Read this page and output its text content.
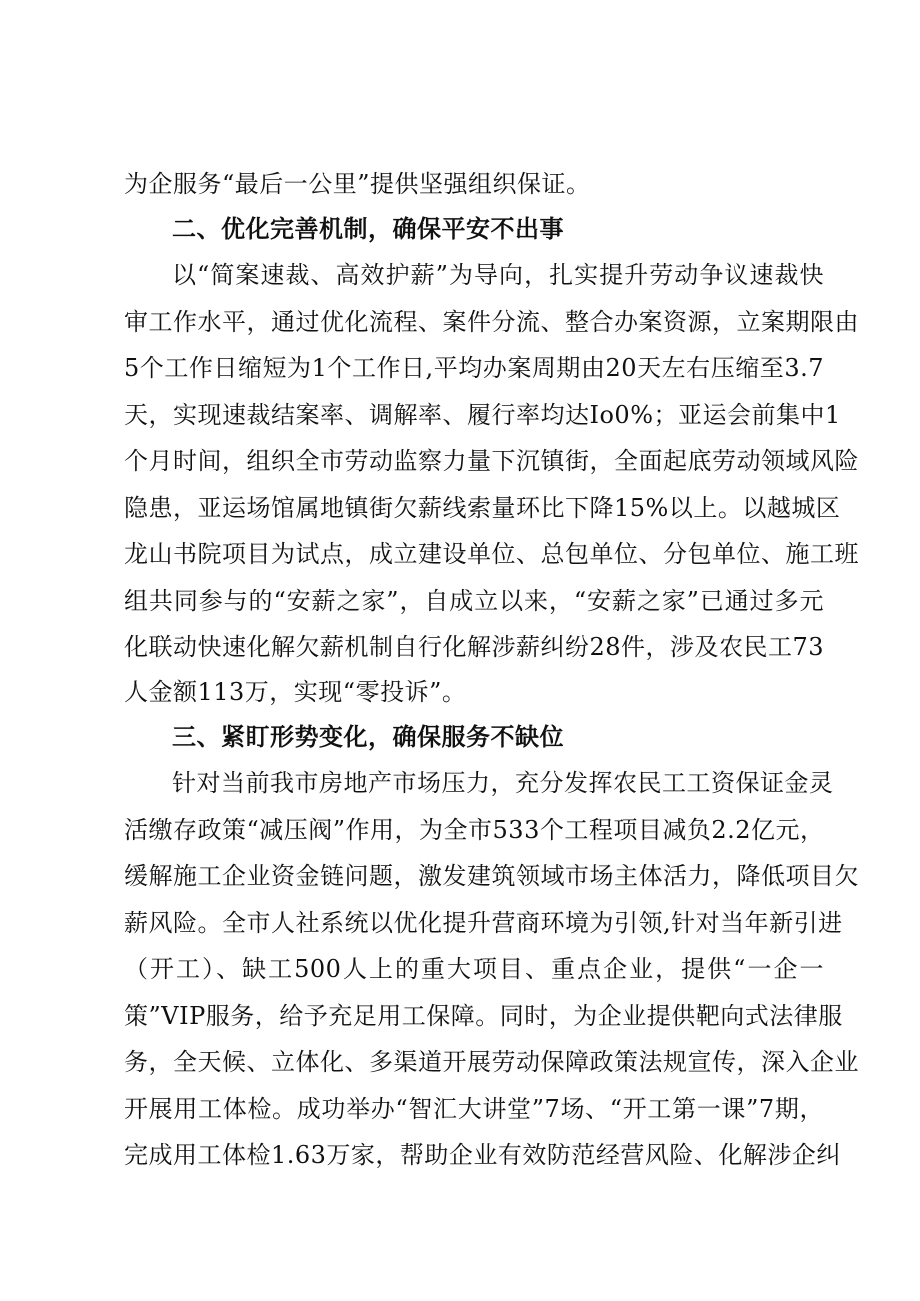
为企服务“最后一公里”提供坚强组织保证。
二、优化完善机制，确保平安不出事
以“简案速裁、高效护薪”为导向，扎实提升劳动争议速裁快
审工作水平，通过优化流程、案件分流、整合办案资源，立案期限由
5个工作日缩短为1个工作日,平均办案周期由20天左右压缩至3.7
天，实现速裁结案率、调解率、履行率均达Io0%；亚运会前集中1
个月时间，组织全市劳动监察力量下沉镇街，全面起底劳动领域风险
隐患，亚运场馆属地镇街欠薪线索量环比下降15%以上。以越城区
龙山书院项目为试点，成立建设单位、总包单位、分包单位、施工班
组共同参与的“安薪之家”，自成立以来，“安薪之家”已通过多元
化联动快速化解欠薪机制自行化解涉薪纠纷28件，涉及农民工73
人金额113万，实现“零投诉”。
三、紧盯形势变化，确保服务不缺位
针对当前我市房地产市场压力，充分发挥农民工工资保证金灵
活缴存政策“减压阀”作用，为全市533个工程项目减负2.2亿元，
缓解施工企业资金链问题，激发建筑领域市场主体活力，降低项目欠
薪风险。全市人社系统以优化提升营商环境为引领,针对当年新引进
（开工）、缺工500人上的重大项目、重点企业，提供“一企一
策”VIP服务，给予充足用工保障。同时，为企业提供靶向式法律服
务，全天候、立体化、多渠道开展劳动保障政策法规宣传，深入企业
开展用工体检。成功举办“智汇大讲堂”7场、“开工第一课”7期，
完成用工体检1.63万家，帮助企业有效防范经营风险、化解涉企纠
